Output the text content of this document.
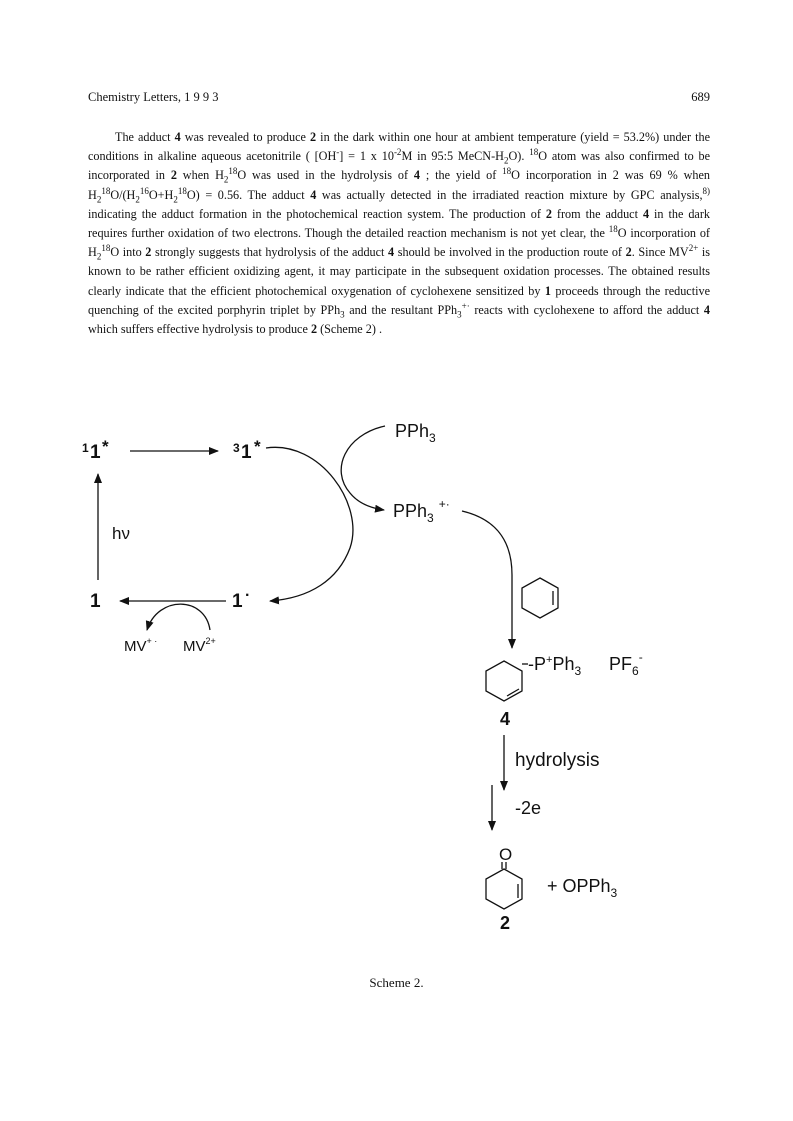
Chemistry Letters, 1 9 9 3	689

The adduct 4 was revealed to produce 2 in the dark within one hour at ambient temperature (yield = 53.2%) under the conditions in alkaline aqueous acetonitrile ( [OH-] = 1 x $10^{-2}M$ in 95:5 MeCN-$H_2O$). $^{18}$O atom was also confirmed to be incorporated in 2 when $H_2^{18}O$ was used in the hydrolysis of 4 ; the yield of $^{18}$O incorporation in 2 was 69 % when $H_2^{18}O/(H_2^{16}O+H_2^{18}O) = 0.56$. The adduct 4 was actually detected in the irradiated reaction mixture by GPC analysis,$^{8)}$ indicating the adduct formation in the photochemical reaction system. The production of 2 from the adduct 4 in the dark requires further oxidation of two electrons. Though the detailed reaction mechanism is not yet clear, the $^{18}$O incorporation of $H_2^{18}O$ into 2 strongly suggests that hydrolysis of the adduct 4 should be involved in the production route of 2. Since $MV^{2+}$ is known to be rather efficient oxidizing agent, it may participate in the subsequent oxidation processes. The obtained results clearly indicate that the efficient photochemical oxygenation of cyclohexene sensitized by 1 proceeds through the reductive quenching of the excited porphyrin triplet by PPh$_3$ and the resultant PPh$_3$+· reacts with cyclohexene to afford the adduct 4 which suffers effective hydrolysis to produce 2 (Scheme 2) .

1 1 *	3 1 *
hν
1	1 ·
MV+ · $MV^{2+}$
PPh$_3$
PPh$_3$+·
$-P^+Ph_3$ $PF_6^-$
4
hydrolysis
-2e
O
+ OPPh$_3$
2
Scheme 2.
